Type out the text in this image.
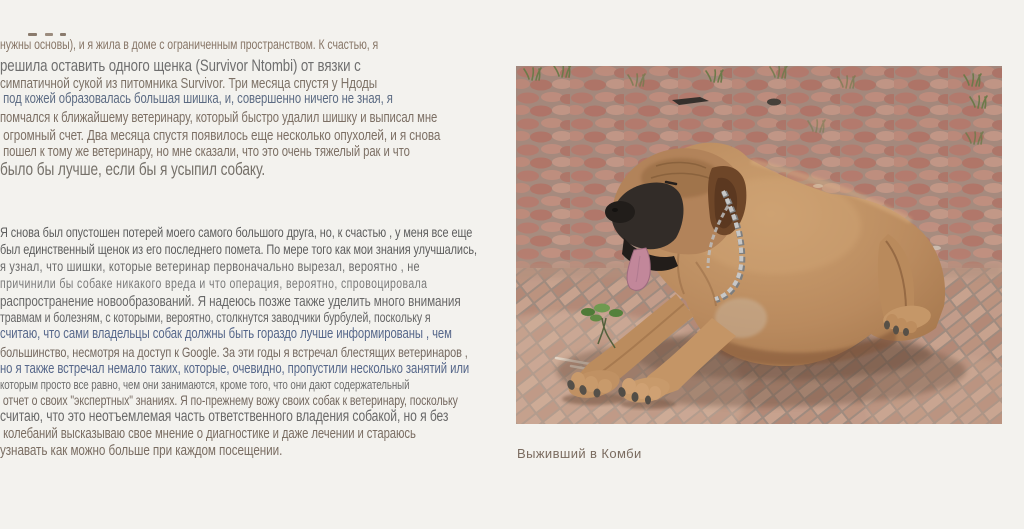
нужны основы), и я жила в доме с ограниченным пространством. К счастью, я
решила оставить одного щенка (Survivor Ntombi) от вязки с
симпатичной сукой из питомника Survivor. Три месяца спустя у Ндоды
под кожей образовалась большая шишка, и, совершенно ничего не зная, я
помчался к ближайшему ветеринару, который быстро удалил шишку и выписал мне
огромный счет. Два месяца спустя появилось еще несколько опухолей, и я снова
пошел к тому же ветеринару, но мне сказали, что это очень тяжелый рак и что
было бы лучше, если бы я усыпил собаку.
Я снова был опустошен потерей моего самого большого друга, но, к счастью , у меня все еще
был единственный щенок из его последнего помета. По мере того как мои знания улучшались,
я узнал, что шишки, которые ветеринар первоначально вырезал, вероятно , не
причинили бы собаке никакого вреда и что операция, вероятно, спровоцировала
распространение новообразований. Я надеюсь позже также уделить много внимания
травмам и болезням, с которыми, вероятно, столкнутся заводчики бурбулей, поскольку я
считаю, что сами владельцы собак должны быть гораздо лучше информированы , чем
большинство, несмотря на доступ к Google. За эти годы я встречал блестящих ветеринаров ,
но я также встречал немало таких, которые, очевидно, пропустили несколько занятий или
которым просто все равно, чем они занимаются, кроме того, что они дают содержательный
отчет о своих "экспертных" знаниях. Я по-прежнему вожу своих собак к ветеринару, поскольку
считаю, что это неотъемлемая часть ответственного владения собакой, но я без
колебаний высказываю свое мнение о диагностике и даже лечении и стараюсь
узнавать как можно больше при каждом посещении.	Выживший в Комби
